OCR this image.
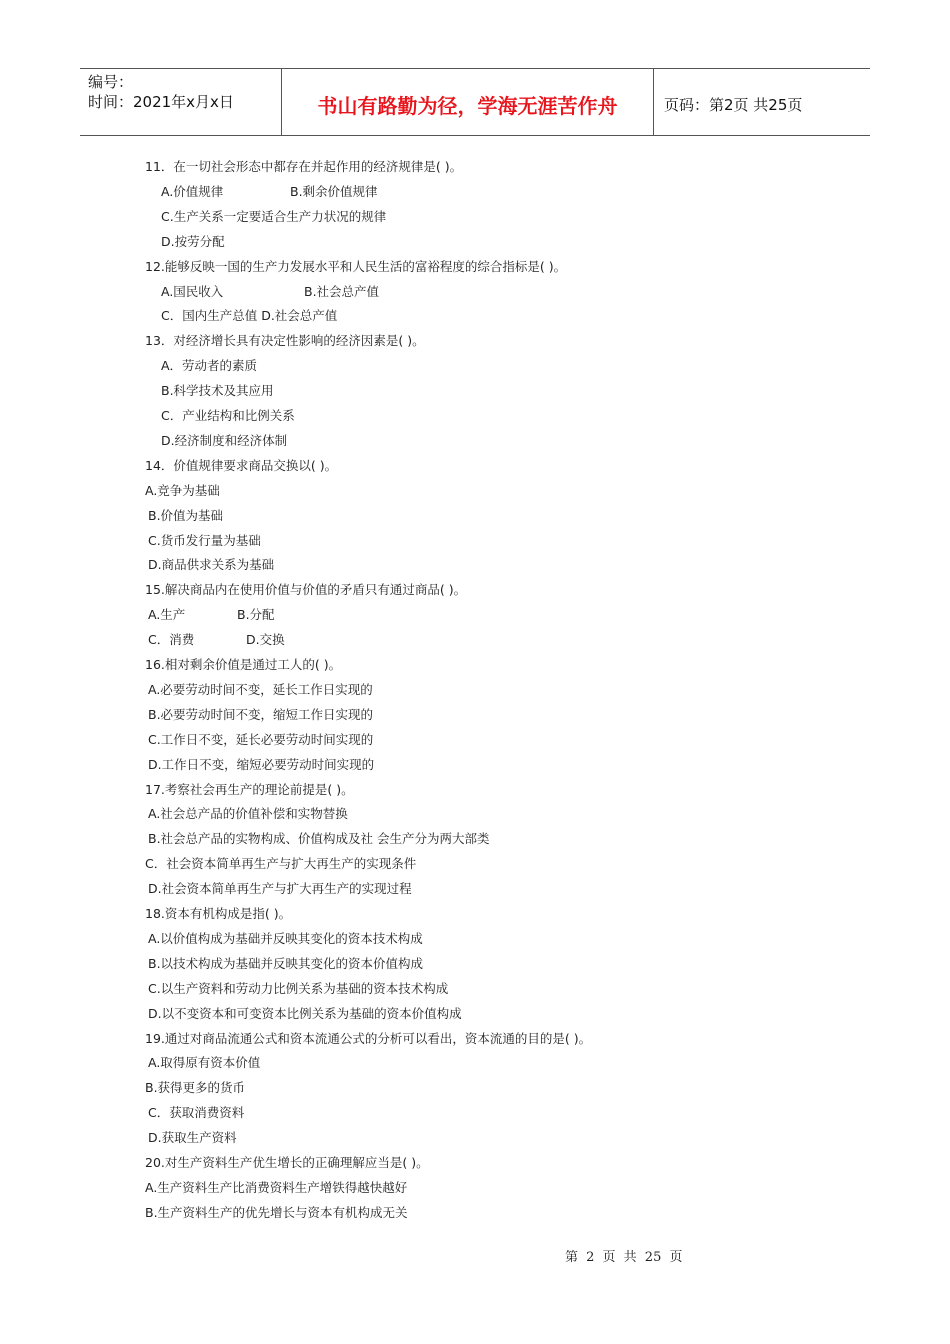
编号：
时间：2021年x月x日	书山有路勤为径，学海无涯苦作舟	页码：第2页 共25页
11．在一切社会形态中都存在并起作用的经济规律是( )。
A.价值规律	B.剩余价值规律
C.生产关系一定要适合生产力状况的规律
D.按劳分配
12.能够反映一国的生产力发展水平和人民生活的富裕程度的综合指标是( )。
A.国民收入	B.社会总产值
C．国内生产总值 D.社会总产值
13．对经济增长具有决定性影响的经济因素是( )。
A．劳动者的素质
B.科学技术及其应用
C．产业结构和比例关系
D.经济制度和经济体制
14．价值规律要求商品交换以( )。
A.竞争为基础
B.价值为基础
C.货币发行量为基础
D.商品供求关系为基础
15.解决商品内在使用价值与价值的矛盾只有通过商品( )。
A.生产	B.分配
C．消费	D.交换
16.相对剩余价值是通过工人的( )。
A.必要劳动时间不变，延长工作日实现的
B.必要劳动时间不变，缩短工作日实现的
C.工作日不变，延长必要劳动时间实现的
D.工作日不变，缩短必要劳动时间实现的
17.考察社会再生产的理论前提是( )。
A.社会总产品的价值补偿和实物替换
B.社会总产品的实物构成、价值构成及社 会生产分为两大部类
C．社会资本简单再生产与扩大再生产的实现条件
D.社会资本简单再生产与扩大再生产的实现过程
18.资本有机构成是指( )。
A.以价值构成为基础并反映其变化的资本技术构成
B.以技术构成为基础并反映其变化的资本价值构成
C.以生产资料和劳动力比例关系为基础的资本技术构成
D.以不变资本和可变资本比例关系为基础的资本价值构成
19.通过对商品流通公式和资本流通公式的分析可以看出，资本流通的目的是( )。
A.取得原有资本价值
B.获得更多的货币
C．获取消费资料
D.获取生产资料
20.对生产资料生产优生增长的正确理解应当是( )。
A.生产资料生产比消费资料生产增铁得越快越好
B.生产资料生产的优先增长与资本有机构成无关
第 2 页 共 25 页
